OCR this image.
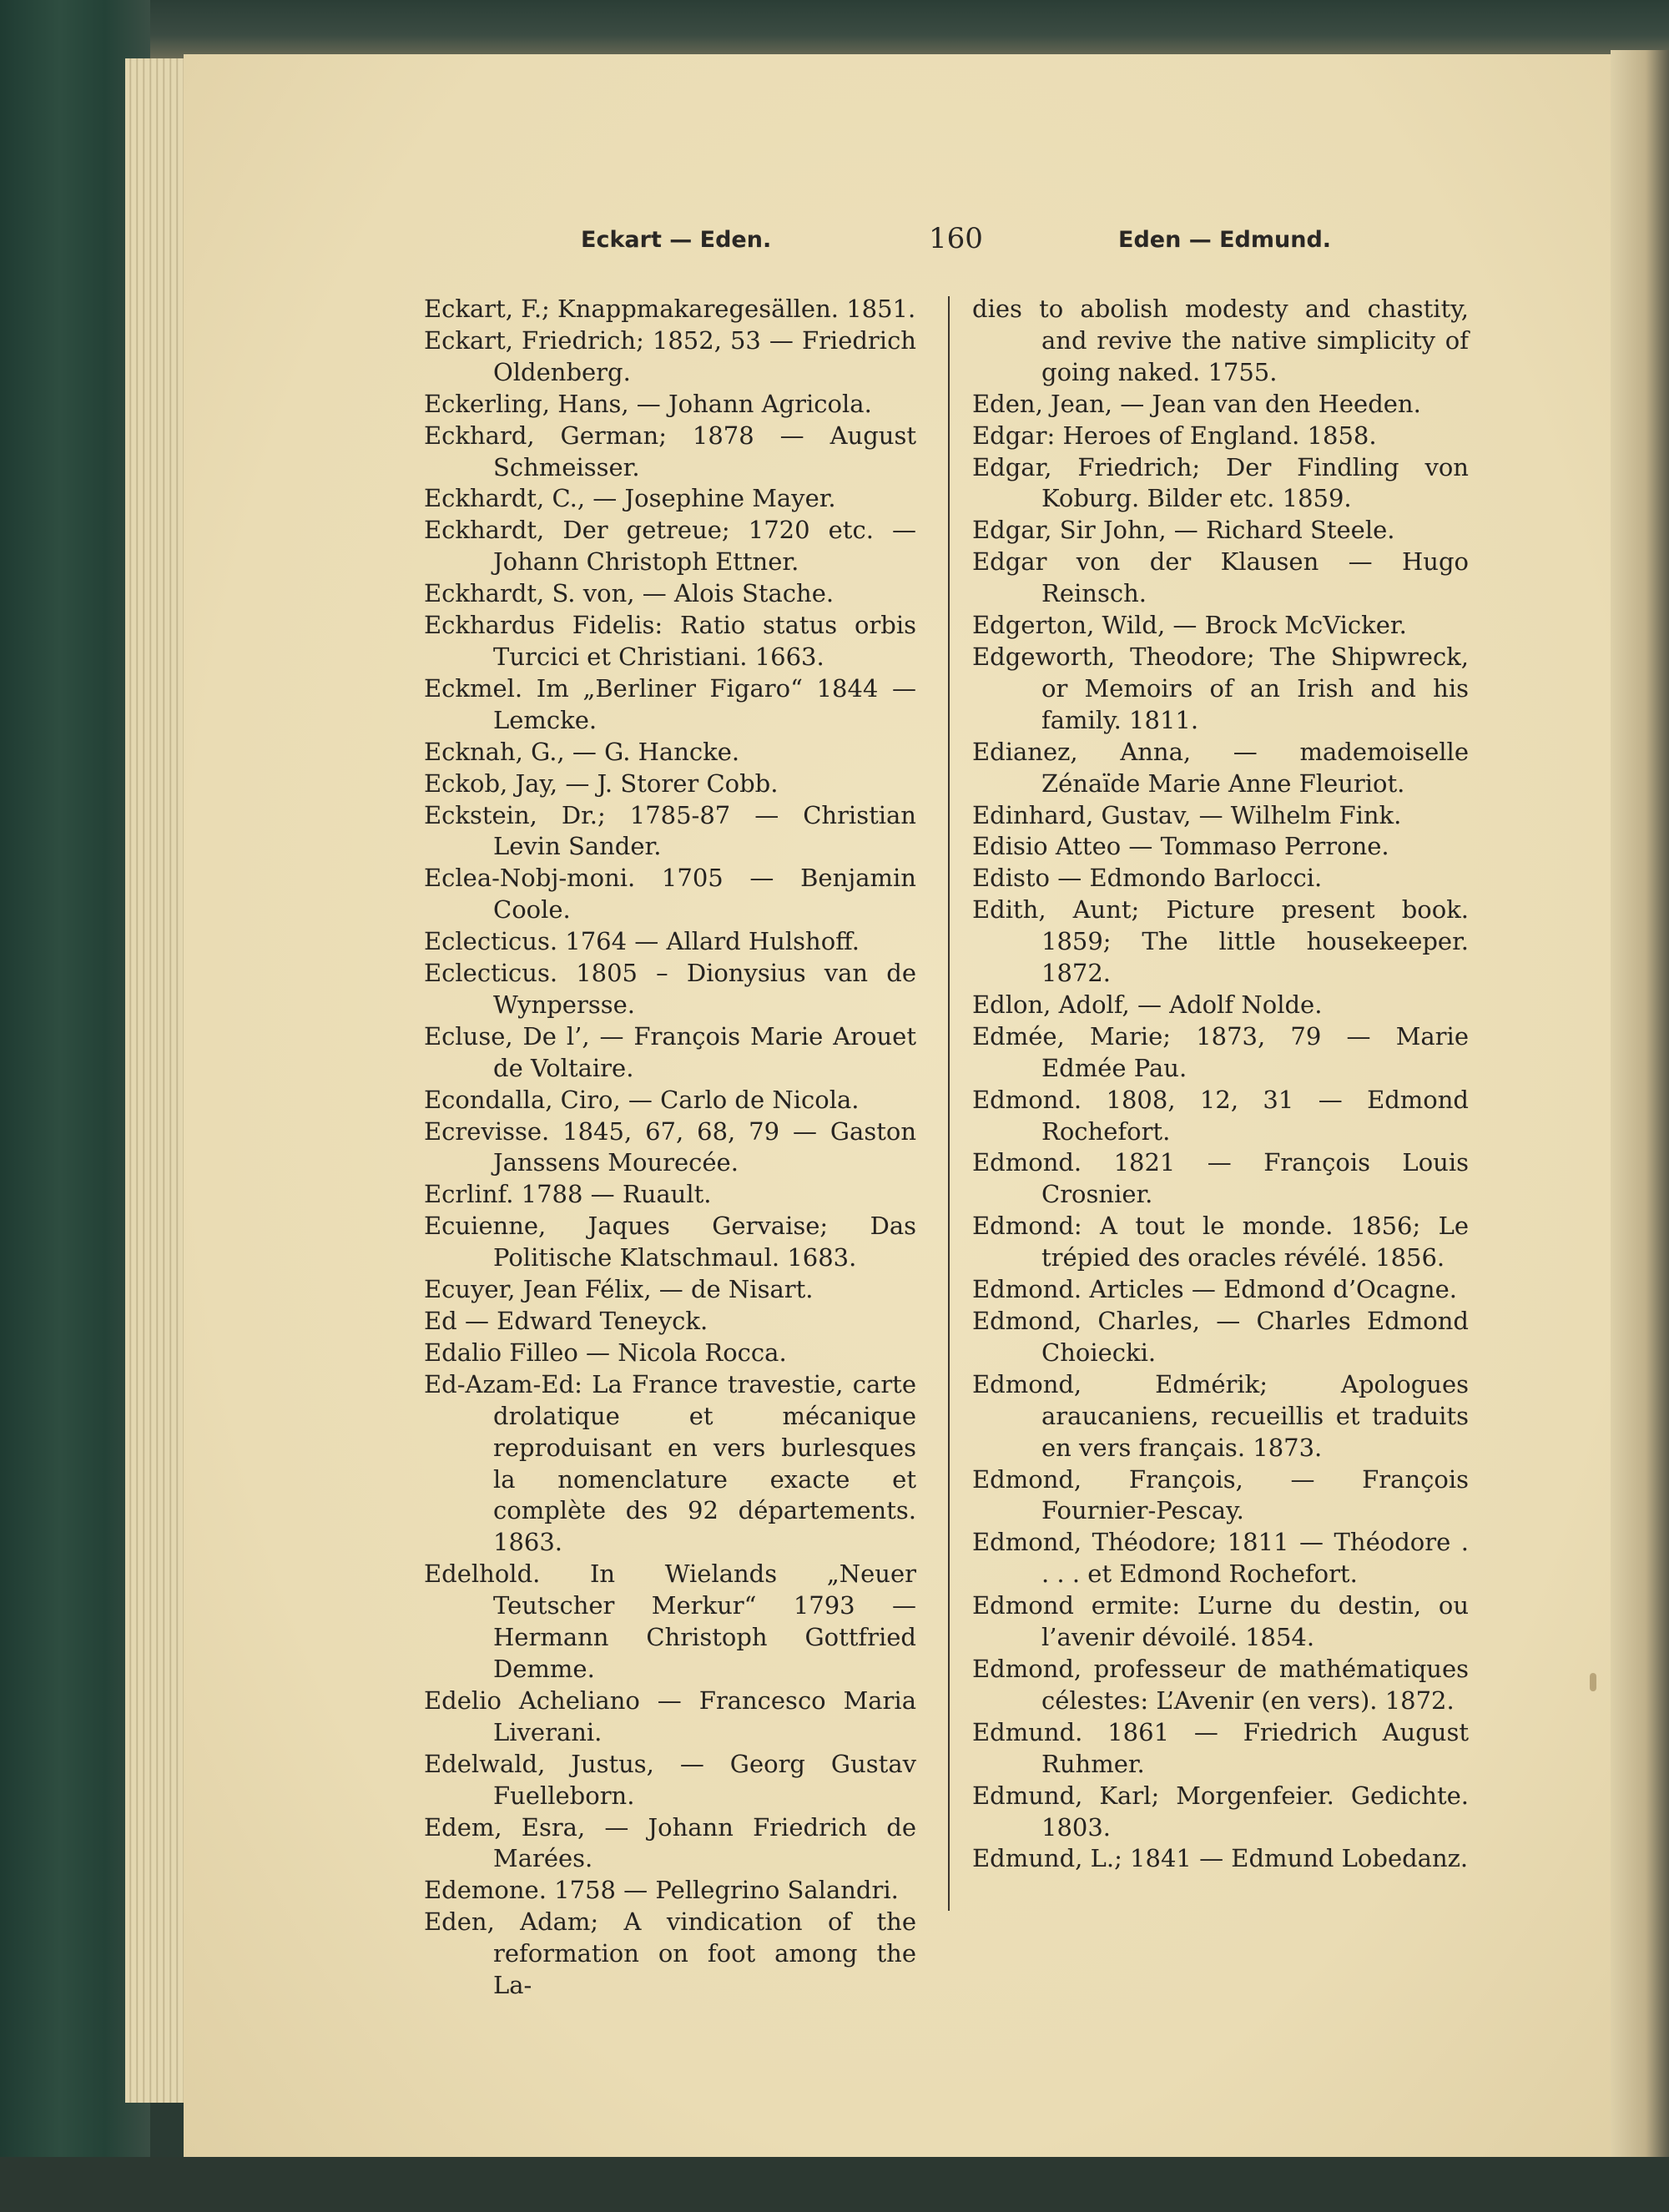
Eckart — Eden.	160	Eden — Edmund.
Eckart, F.; Knappmakaregesällen. 1851.
Eckart, Friedrich; 1852, 53 — Friedrich Oldenberg.
Eckerling, Hans, — Johann Agricola.
Eckhard, German; 1878 — August Schmeisser.
Eckhardt, C., — Josephine Mayer.
Eckhardt, Der getreue; 1720 etc. — Johann Christoph Ettner.
Eckhardt, S. von, — Alois Stache.
Eckhardus Fidelis: Ratio status orbis Turcici et Christiani. 1663.
Eckmel. Im „Berliner Figaro“ 1844 — Lemcke.
Ecknah, G., — G. Hancke.
Eckob, Jay, — J. Storer Cobb.
Eckstein, Dr.; 1785-87 — Christian Levin Sander.
Eclea-Nobj-moni. 1705 — Benjamin Coole.
Eclecticus. 1764 — Allard Hulshoff.
Eclecticus. 1805 – Dionysius van de Wynpersse.
Ecluse, De l’, — François Marie Arouet de Voltaire.
Econdalla, Ciro, — Carlo de Nicola.
Ecrevisse. 1845, 67, 68, 79 — Gaston Janssens Mourecée.
Ecrlinf. 1788 — Ruault.
Ecuienne, Jaques Gervaise; Das Politische Klatschmaul. 1683.
Ecuyer, Jean Félix, — de Nisart.
Ed — Edward Teneyck.
Edalio Filleo — Nicola Rocca.
Ed-Azam-Ed: La France travestie, carte drolatique et mécanique reproduisant en vers burlesques la nomenclature exacte et complète des 92 départements. 1863.
Edelhold. In Wielands „Neuer Teutscher Merkur“ 1793 — Hermann Christoph Gottfried Demme.
Edelio Acheliano — Francesco Maria Liverani.
Edelwald, Justus, — Georg Gustav Fuelleborn.
Edem, Esra, — Johann Friedrich de Marées.
Edemone. 1758 — Pellegrino Salandri.
Eden, Adam; A vindication of the reformation on foot among the La-
dies to abolish modesty and chastity, and revive the native simplicity of going naked. 1755.
Eden, Jean, — Jean van den Heeden.
Edgar: Heroes of England. 1858.
Edgar, Friedrich; Der Findling von Koburg. Bilder etc. 1859.
Edgar, Sir John, — Richard Steele.
Edgar von der Klausen — Hugo Reinsch.
Edgerton, Wild, — Brock McVicker.
Edgeworth, Theodore; The Shipwreck, or Memoirs of an Irish and his family. 1811.
Edianez, Anna, — mademoiselle Zénaïde Marie Anne Fleuriot.
Edinhard, Gustav, — Wilhelm Fink.
Edisio Atteo — Tommaso Perrone.
Edisto — Edmondo Barlocci.
Edith, Aunt; Picture present book. 1859; The little housekeeper. 1872.
Edlon, Adolf, — Adolf Nolde.
Edmée, Marie; 1873, 79 — Marie Edmée Pau.
Edmond. 1808, 12, 31 — Edmond Rochefort.
Edmond. 1821 — François Louis Crosnier.
Edmond: A tout le monde. 1856; Le trépied des oracles révélé. 1856.
Edmond. Articles — Edmond d’Ocagne.
Edmond, Charles, — Charles Edmond Choiecki.
Edmond, Edmérik; Apologues araucaniens, recueillis et traduits en vers français. 1873.
Edmond, François, — François Fournier-Pescay.
Edmond, Théodore; 1811 — Théodore . . . . et Edmond Rochefort.
Edmond ermite: L’urne du destin, ou l’avenir dévoilé. 1854.
Edmond, professeur de mathématiques célestes: L’Avenir (en vers). 1872.
Edmund. 1861 — Friedrich August Ruhmer.
Edmund, Karl; Morgenfeier. Gedichte. 1803.
Edmund, L.; 1841 — Edmund Lobedanz.
